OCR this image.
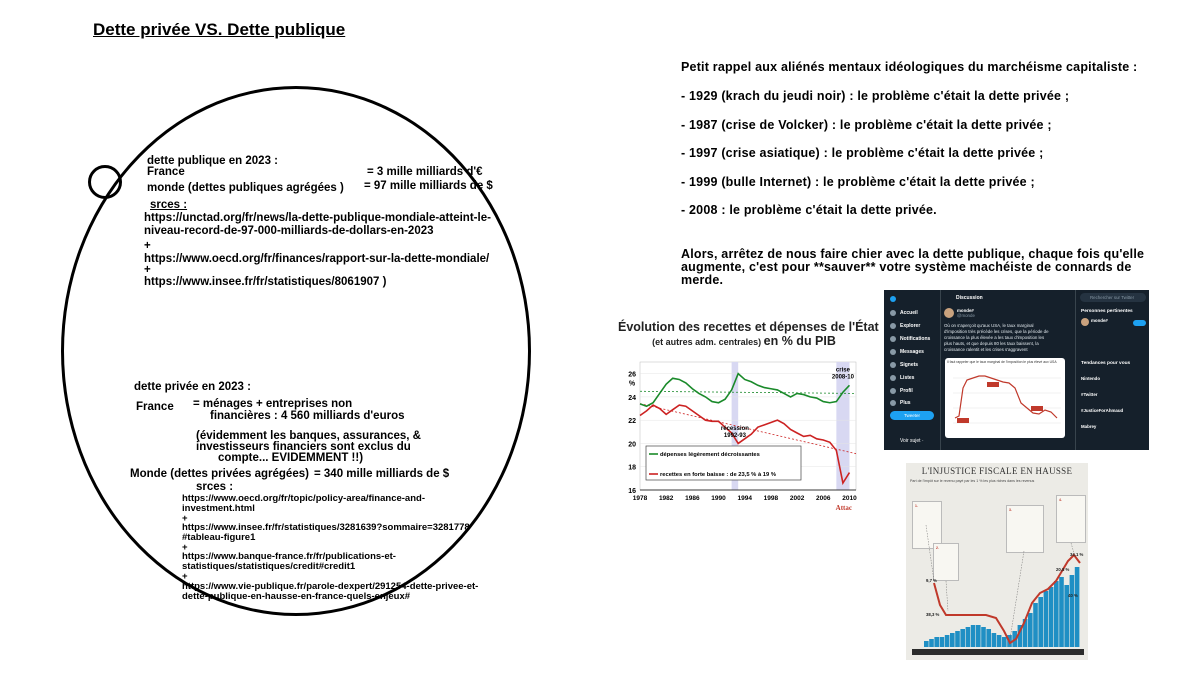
Dette privée VS. Dette publique
dette publique en 2023 :
France	= 3 mille milliards d'€
monde (dettes publiques agrégées ) = 97 mille milliards de $
srces :
https://unctad.org/fr/news/la-dette-publique-mondiale-atteint-le-
niveau-record-de-97-000-milliards-de-dollars-en-2023
+
https://www.oecd.org/fr/finances/rapport-sur-la-dette-mondiale/
+
https://www.insee.fr/fr/statistiques/8061907 )
dette privée en 2023 :
France = ménages + entreprises non
financières : 4 560 milliards d'euros
(évidemment les banques, assurances, &
investisseurs financiers sont exclus du
compte... EVIDEMMENT !!)
Monde (dettes privées agrégées) = 340 mille milliards de $
srces :
https://www.oecd.org/fr/topic/policy-area/finance-and-
investment.html
+
https://www.insee.fr/fr/statistiques/3281639?sommaire=3281778
#tableau-figure1
+
https://www.banque-france.fr/fr/publications-et-
statistiques/statistiques/credit#credit1
+
https://www.vie-publique.fr/parole-dexpert/291254-dette-privee-et-
dette-publique-en-hausse-en-france-quels-enjeux#
Petit rappel aux aliénés mentaux idéologiques du marchéisme capitaliste :
- 1929 (krach du jeudi noir) : le problème c'était la dette privée ;
- 1987 (crise de Volcker) : le problème c'était la dette privée ;
- 1997 (crise asiatique) : le problème c'était la dette privée ;
- 1999 (bulle Internet) : le problème c'était la dette privée ;
- 2008 : le problème c'était la dette privée.
Alors, arrêtez de nous faire chier avec la dette publique, chaque fois qu'elle
augmente, c'est pour **sauver** votre système machéiste de connards de
merde.
Évolution des recettes et dépenses de l'État
(et autres adm. centrales) en % du PIB
16
18
20
22
24
26
%
1978 1982 1986 1990 1994 1998 2002 2006 2010
crise
2008-10
récession
1992-93
dépenses légèrement décroissantes
recettes en forte baisse : de 23,5 % à 19 %
Attac
Accueil
Explorer
Notifications
Messages
Signets
Listes
Profil
Plus
Tweeter
Voir sujet ·
Discussion
monde#
@monde
Où on s'aperçoit qu'aux USA, le taux marginal
d'imposition très précède les crises, que la période de
croissance la plus élevée a les taux d'imposition les
plus hauts, et que depuis 80 les taux baissent, la
croissance ralentit et les crises s'aggravent
Il faut rappeler que le taux marginal de l'imposition le plus élevé aux USA
Rechercher sur Twitter
Personnes pertinentes
monde#
Tendances pour vous
Nintendo
#Twitter
#JusticeForAhmaud
Mabrey
L'INJUSTICE FISCALE EN HAUSSE
Part de l'impôt sur le revenu payé par les 1 % les plus riches dans les revenus
1.
2.
3.
4.
9,7 %
38,3 %
34,1 %
20,8 %
40 %
